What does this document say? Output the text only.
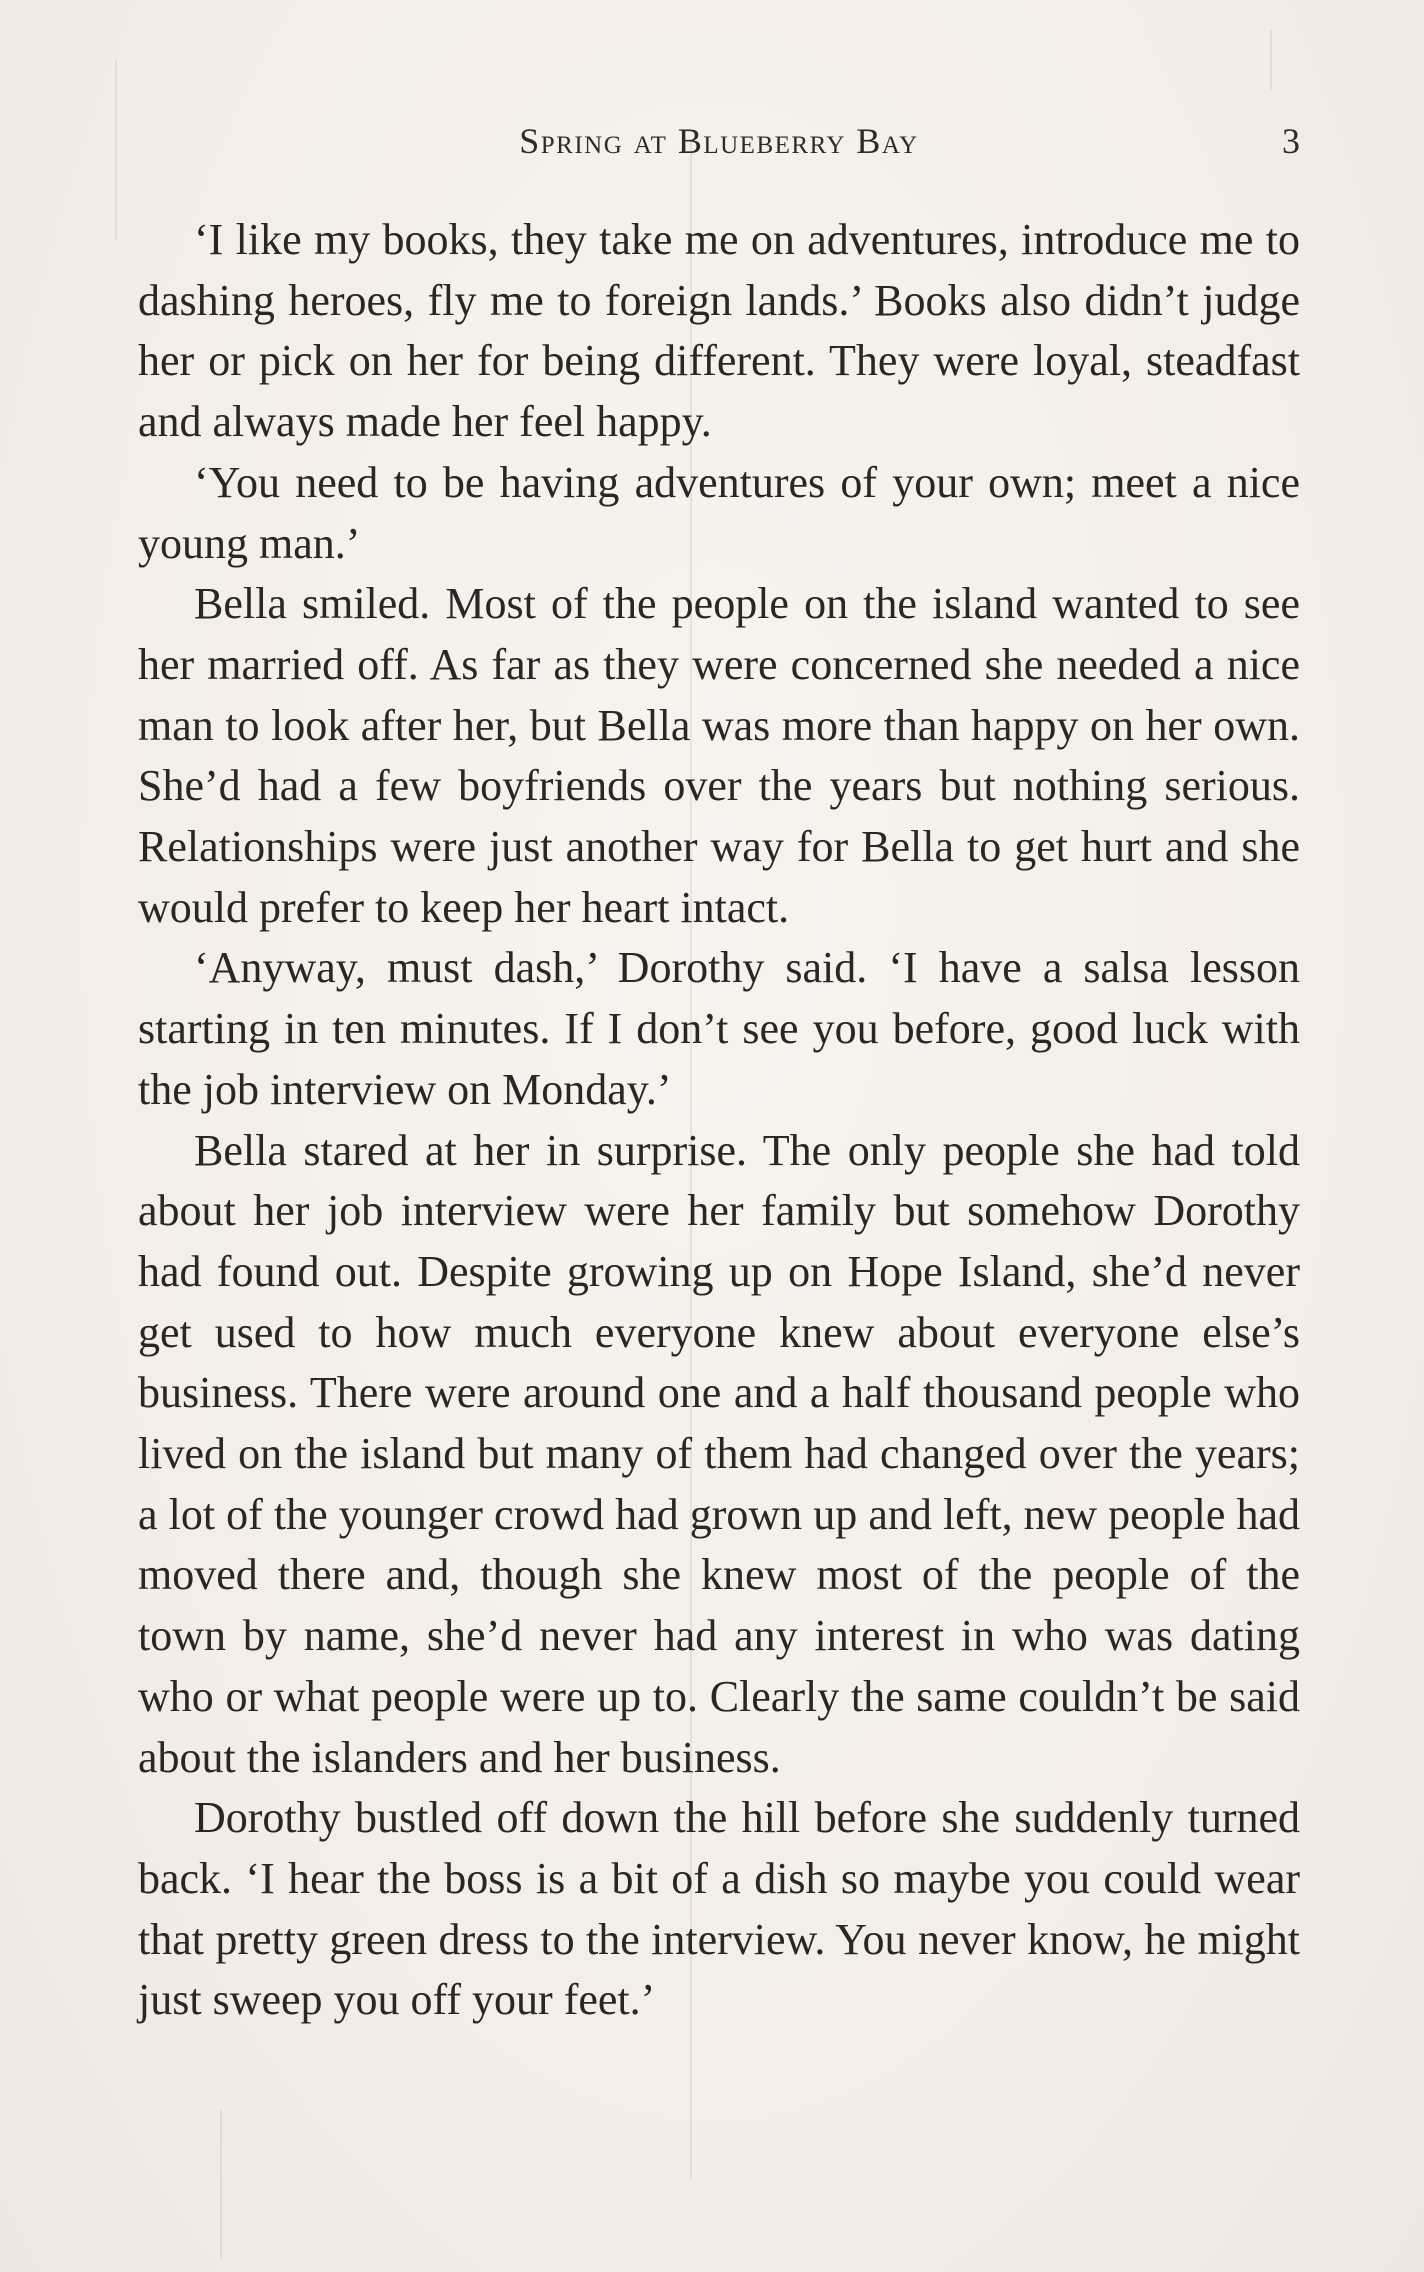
Spring at Blueberry Bay	3

‘I like my books, they take me on adventures, introduce me to dashing heroes, fly me to foreign lands.’ Books also didn’t judge her or pick on her for being different. They were loyal, steadfast and always made her feel happy.

‘You need to be having adventures of your own; meet a nice young man.’

Bella smiled. Most of the people on the island wanted to see her married off. As far as they were concerned she needed a nice man to look after her, but Bella was more than happy on her own. She’d had a few boyfriends over the years but nothing serious. Relationships were just another way for Bella to get hurt and she would prefer to keep her heart intact.

‘Anyway, must dash,’ Dorothy said. ‘I have a salsa lesson starting in ten minutes. If I don’t see you before, good luck with the job interview on Monday.’

Bella stared at her in surprise. The only people she had told about her job interview were her family but somehow Dorothy had found out. Despite growing up on Hope Island, she’d never get used to how much everyone knew about everyone else’s business. There were around one and a half thousand people who lived on the island but many of them had changed over the years; a lot of the younger crowd had grown up and left, new people had moved there and, though she knew most of the people of the town by name, she’d never had any interest in who was dating who or what people were up to. Clearly the same couldn’t be said about the islanders and her business.

Dorothy bustled off down the hill before she suddenly turned back. ‘I hear the boss is a bit of a dish so maybe you could wear that pretty green dress to the interview. You never know, he might just sweep you off your feet.’
